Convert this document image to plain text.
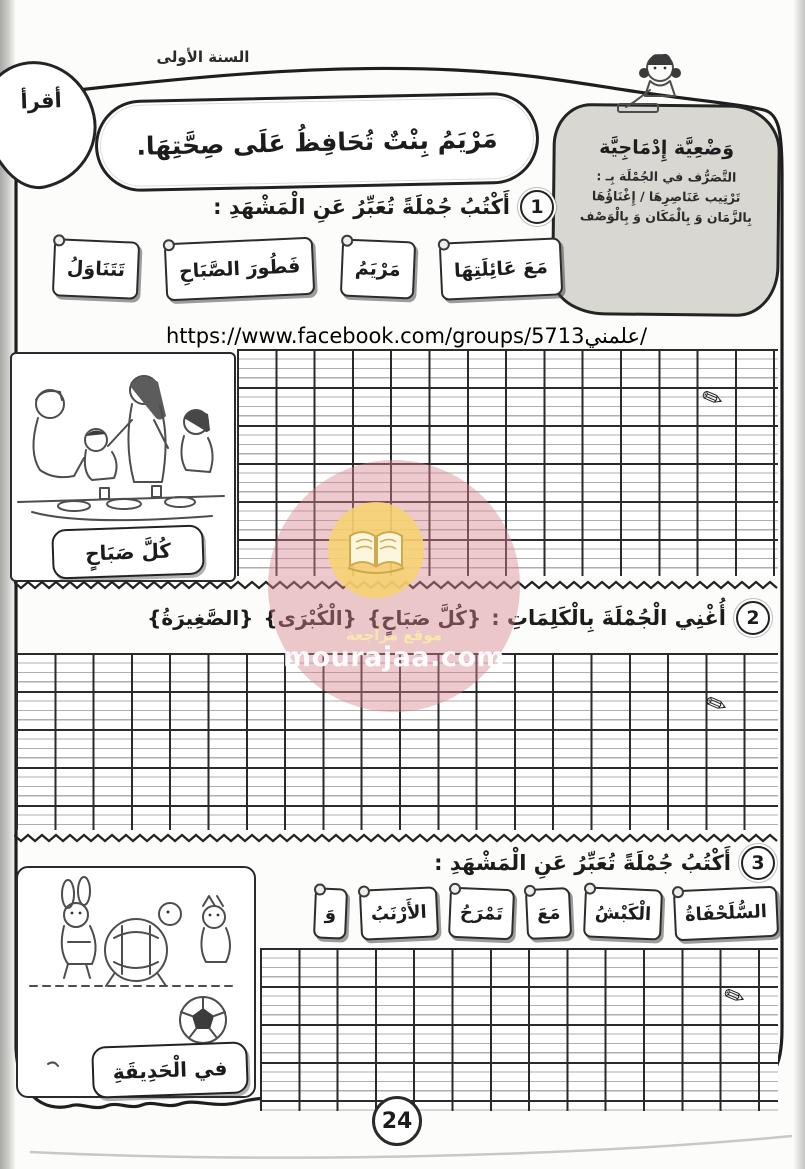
السنة الأولى
أقرأ
مَرْيَمُ بِنْتٌ تُحَافِظُ عَلَى صِحَّتِهَا.	وَضْعِيَّة إِدْمَاجِيَّة
التَّصَرُّف في الجُمْلَة بِـ :
تَرْتِيب عَنَاصِرِهَا / إِغْنَاؤُهَا
بِالزَّمَان وَ بِالْمَكَان وَ بِالْوَصْف
1
أَكْتُبُ جُمْلَةً تُعَبِّرُ عَنِ الْمَشْهَدِ :
مَعَ عَائِلَتِهَا
مَرْيَمُ
فَطُورَ الصَّبَاحِ
تَتَنَاوَلُ
https://www.facebook.com/groups/571علمني3/
كُلَّ صَبَاحٍ
✎
2
أُغْنِي الْجُمْلَةَ بِالْكَلِمَاتِ :
{كُلَّ صَبَاحٍ}
{الْكُبْرَى}
{الصَّغِيرَةُ}
✎
3
أَكْتُبُ جُمْلَةً تُعَبِّرُ عَنِ الْمَشْهَدِ :
السُّلَحْفَاةُ
الْكَبْشُ
مَعَ
تَمْرَحُ
الأَرْنَبُ
وَ
في الْحَدِيقَةِ
✎
24
موقع مراجعة
mourajaa.com
